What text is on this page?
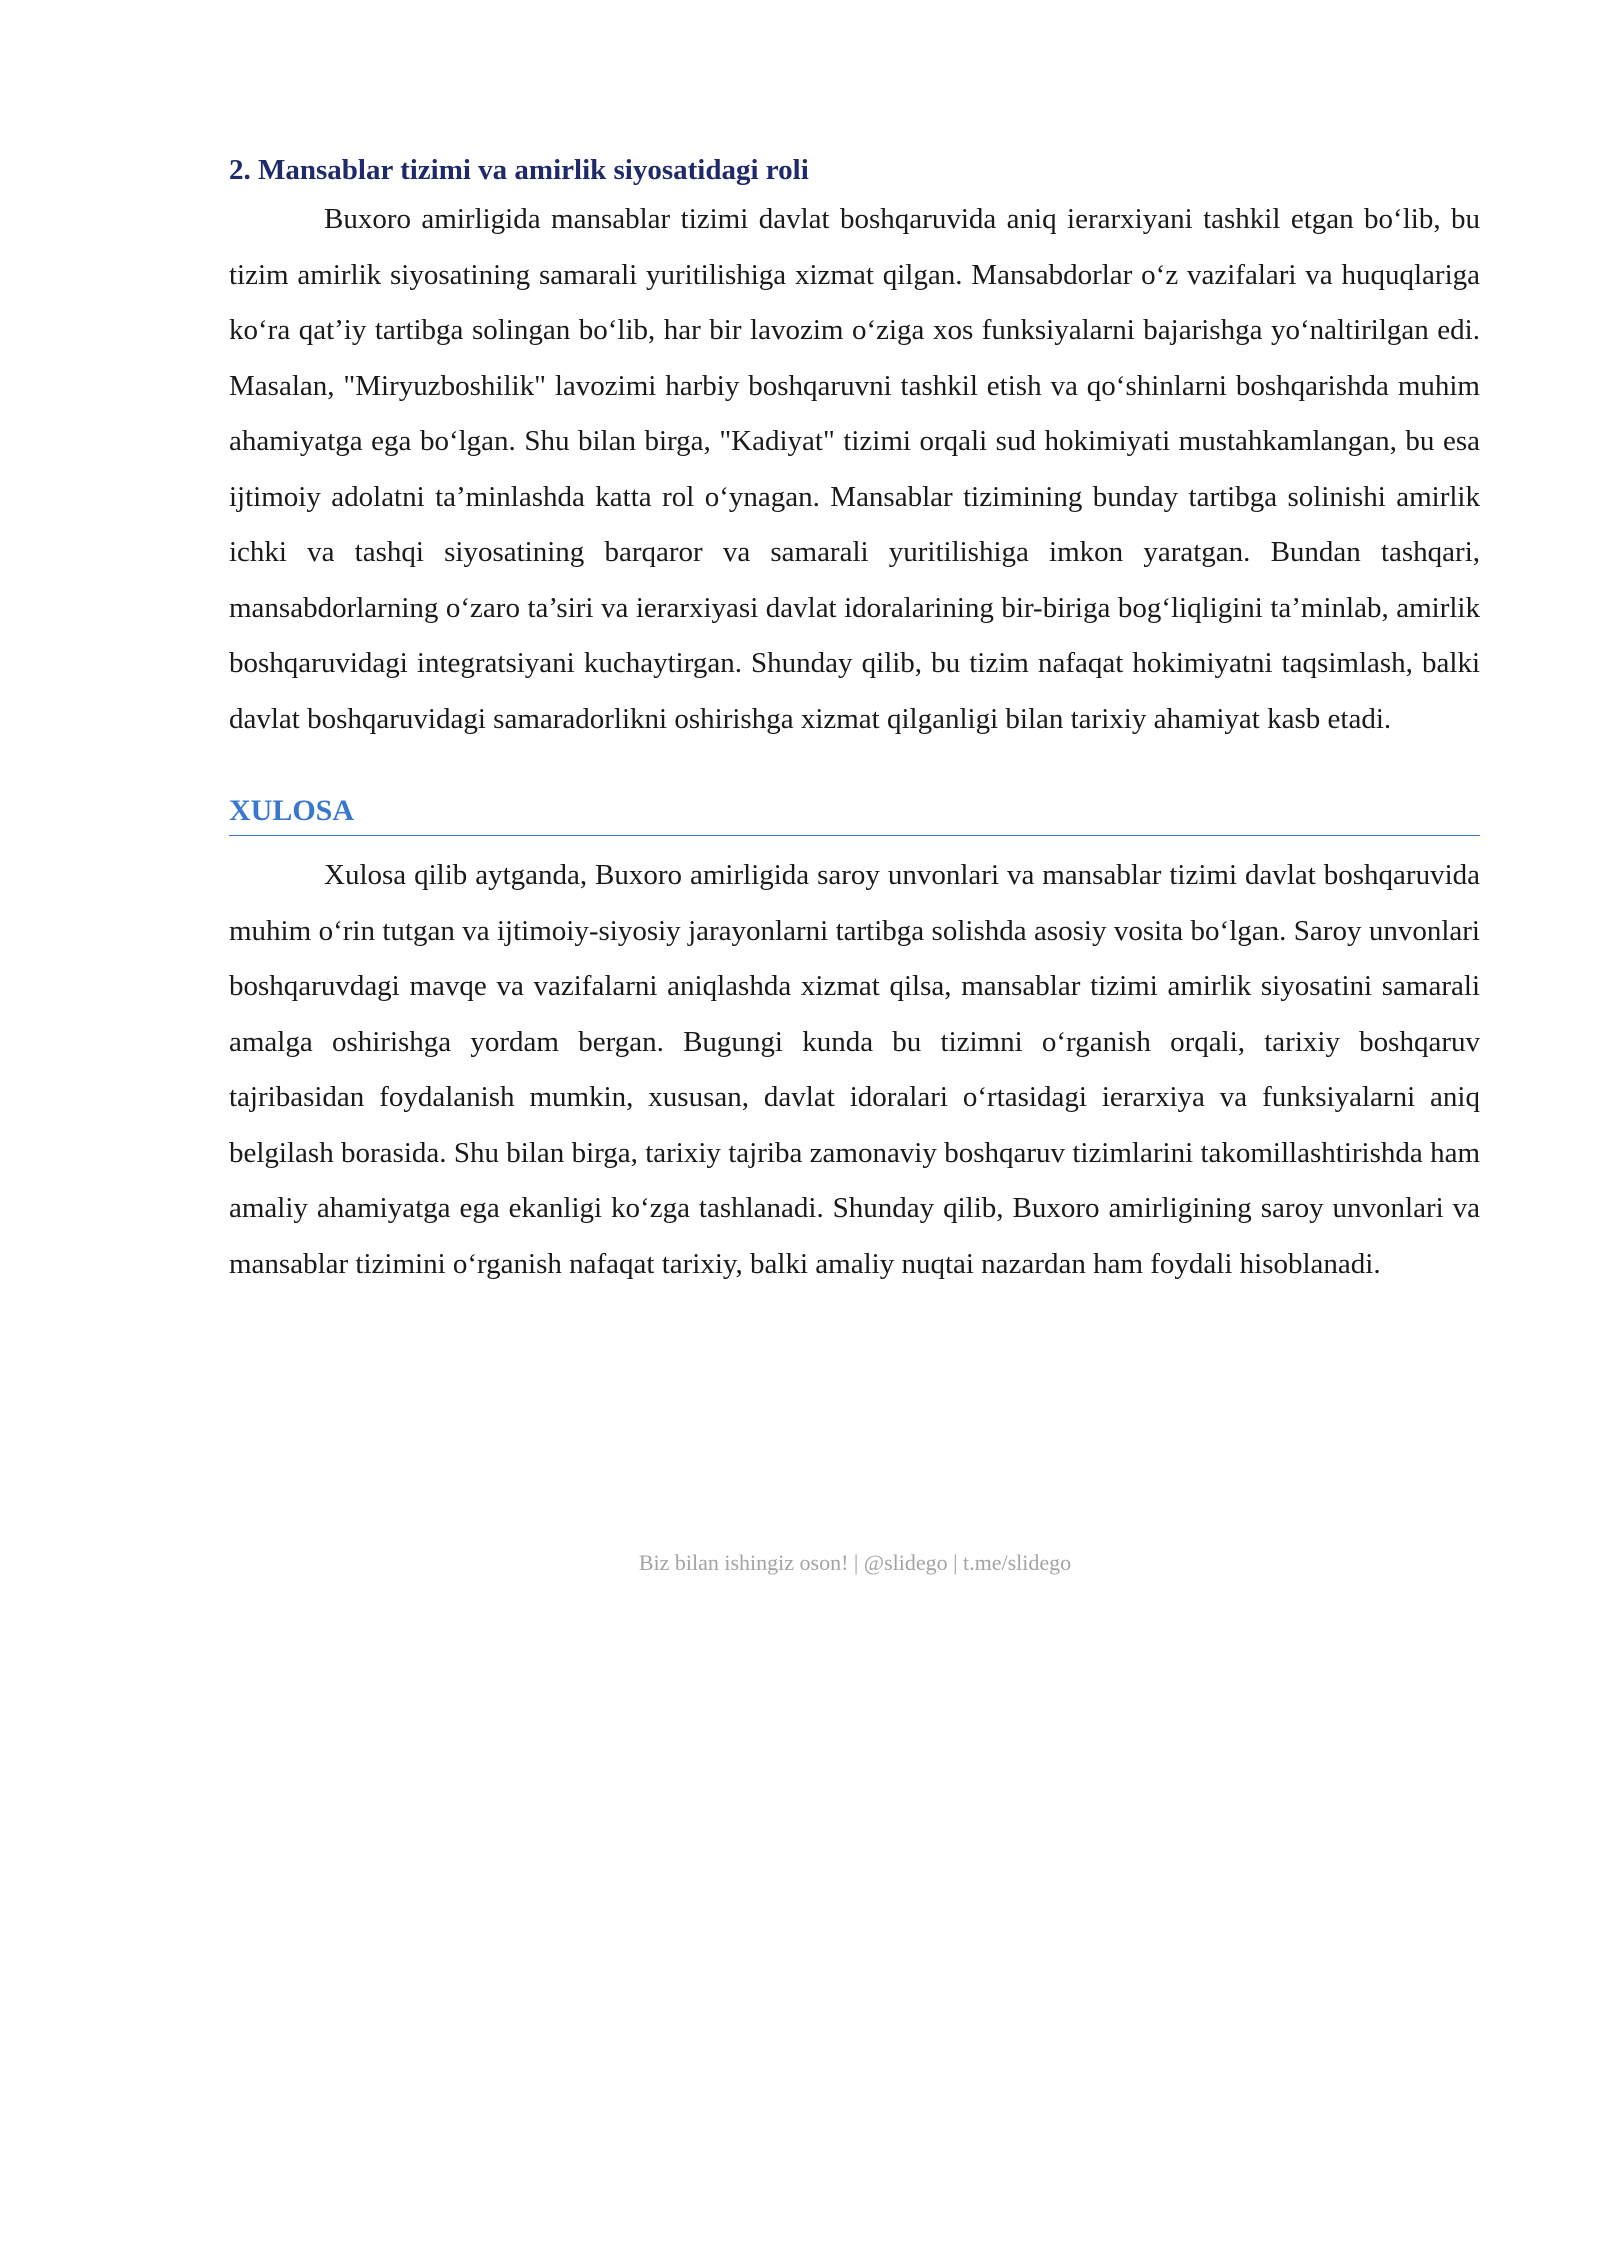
2. Mansablar tizimi va amirlik siyosatidagi roli

Buxoro amirligida mansablar tizimi davlat boshqaruvida aniq ierarxiyani tashkil etgan bo‘lib, bu tizim amirlik siyosatining samarali yuritilishiga xizmat qilgan. Mansabdorlar o‘z vazifalari va huquqlariga ko‘ra qat’iy tartibga solingan bo‘lib, har bir lavozim o‘ziga xos funksiyalarni bajarishga yo‘naltirilgan edi. Masalan, "Miryuzboshilik" lavozimi harbiy boshqaruvni tashkil etish va qo‘shinlarni boshqarishda muhim ahamiyatga ega bo‘lgan. Shu bilan birga, "Kadiyat" tizimi orqali sud hokimiyati mustahkamlangan, bu esa ijtimoiy adolatni ta’minlashda katta rol o‘ynagan. Mansablar tizimining bunday tartibga solinishi amirlik ichki va tashqi siyosatining barqaror va samarali yuritilishiga imkon yaratgan. Bundan tashqari, mansabdorlarning o‘zaro ta’siri va ierarxiyasi davlat idoralarining bir-biriga bog‘liqligini ta’minlab, amirlik boshqaruvidagi integratsiyani kuchaytirgan. Shunday qilib, bu tizim nafaqat hokimiyatni taqsimlash, balki davlat boshqaruvidagi samaradorlikni oshirishga xizmat qilganligi bilan tarixiy ahamiyat kasb etadi.

XULOSA

Xulosa qilib aytganda, Buxoro amirligida saroy unvonlari va mansablar tizimi davlat boshqaruvida muhim o‘rin tutgan va ijtimoiy-siyosiy jarayonlarni tartibga solishda asosiy vosita bo‘lgan. Saroy unvonlari boshqaruvdagi mavqe va vazifalarni aniqlashda xizmat qilsa, mansablar tizimi amirlik siyosatini samarali amalga oshirishga yordam bergan. Bugungi kunda bu tizimni o‘rganish orqali, tarixiy boshqaruv tajribasidan foydalanish mumkin, xususan, davlat idoralari o‘rtasidagi ierarxiya va funksiyalarni aniq belgilash borasida. Shu bilan birga, tarixiy tajriba zamonaviy boshqaruv tizimlarini takomillashtirishda ham amaliy ahamiyatga ega ekanligi ko‘zga tashlanadi. Shunday qilib, Buxoro amirligining saroy unvonlari va mansablar tizimini o‘rganish nafaqat tarixiy, balki amaliy nuqtai nazardan ham foydali hisoblanadi.

Biz bilan ishingiz oson! | @slidego | t.me/slidego
